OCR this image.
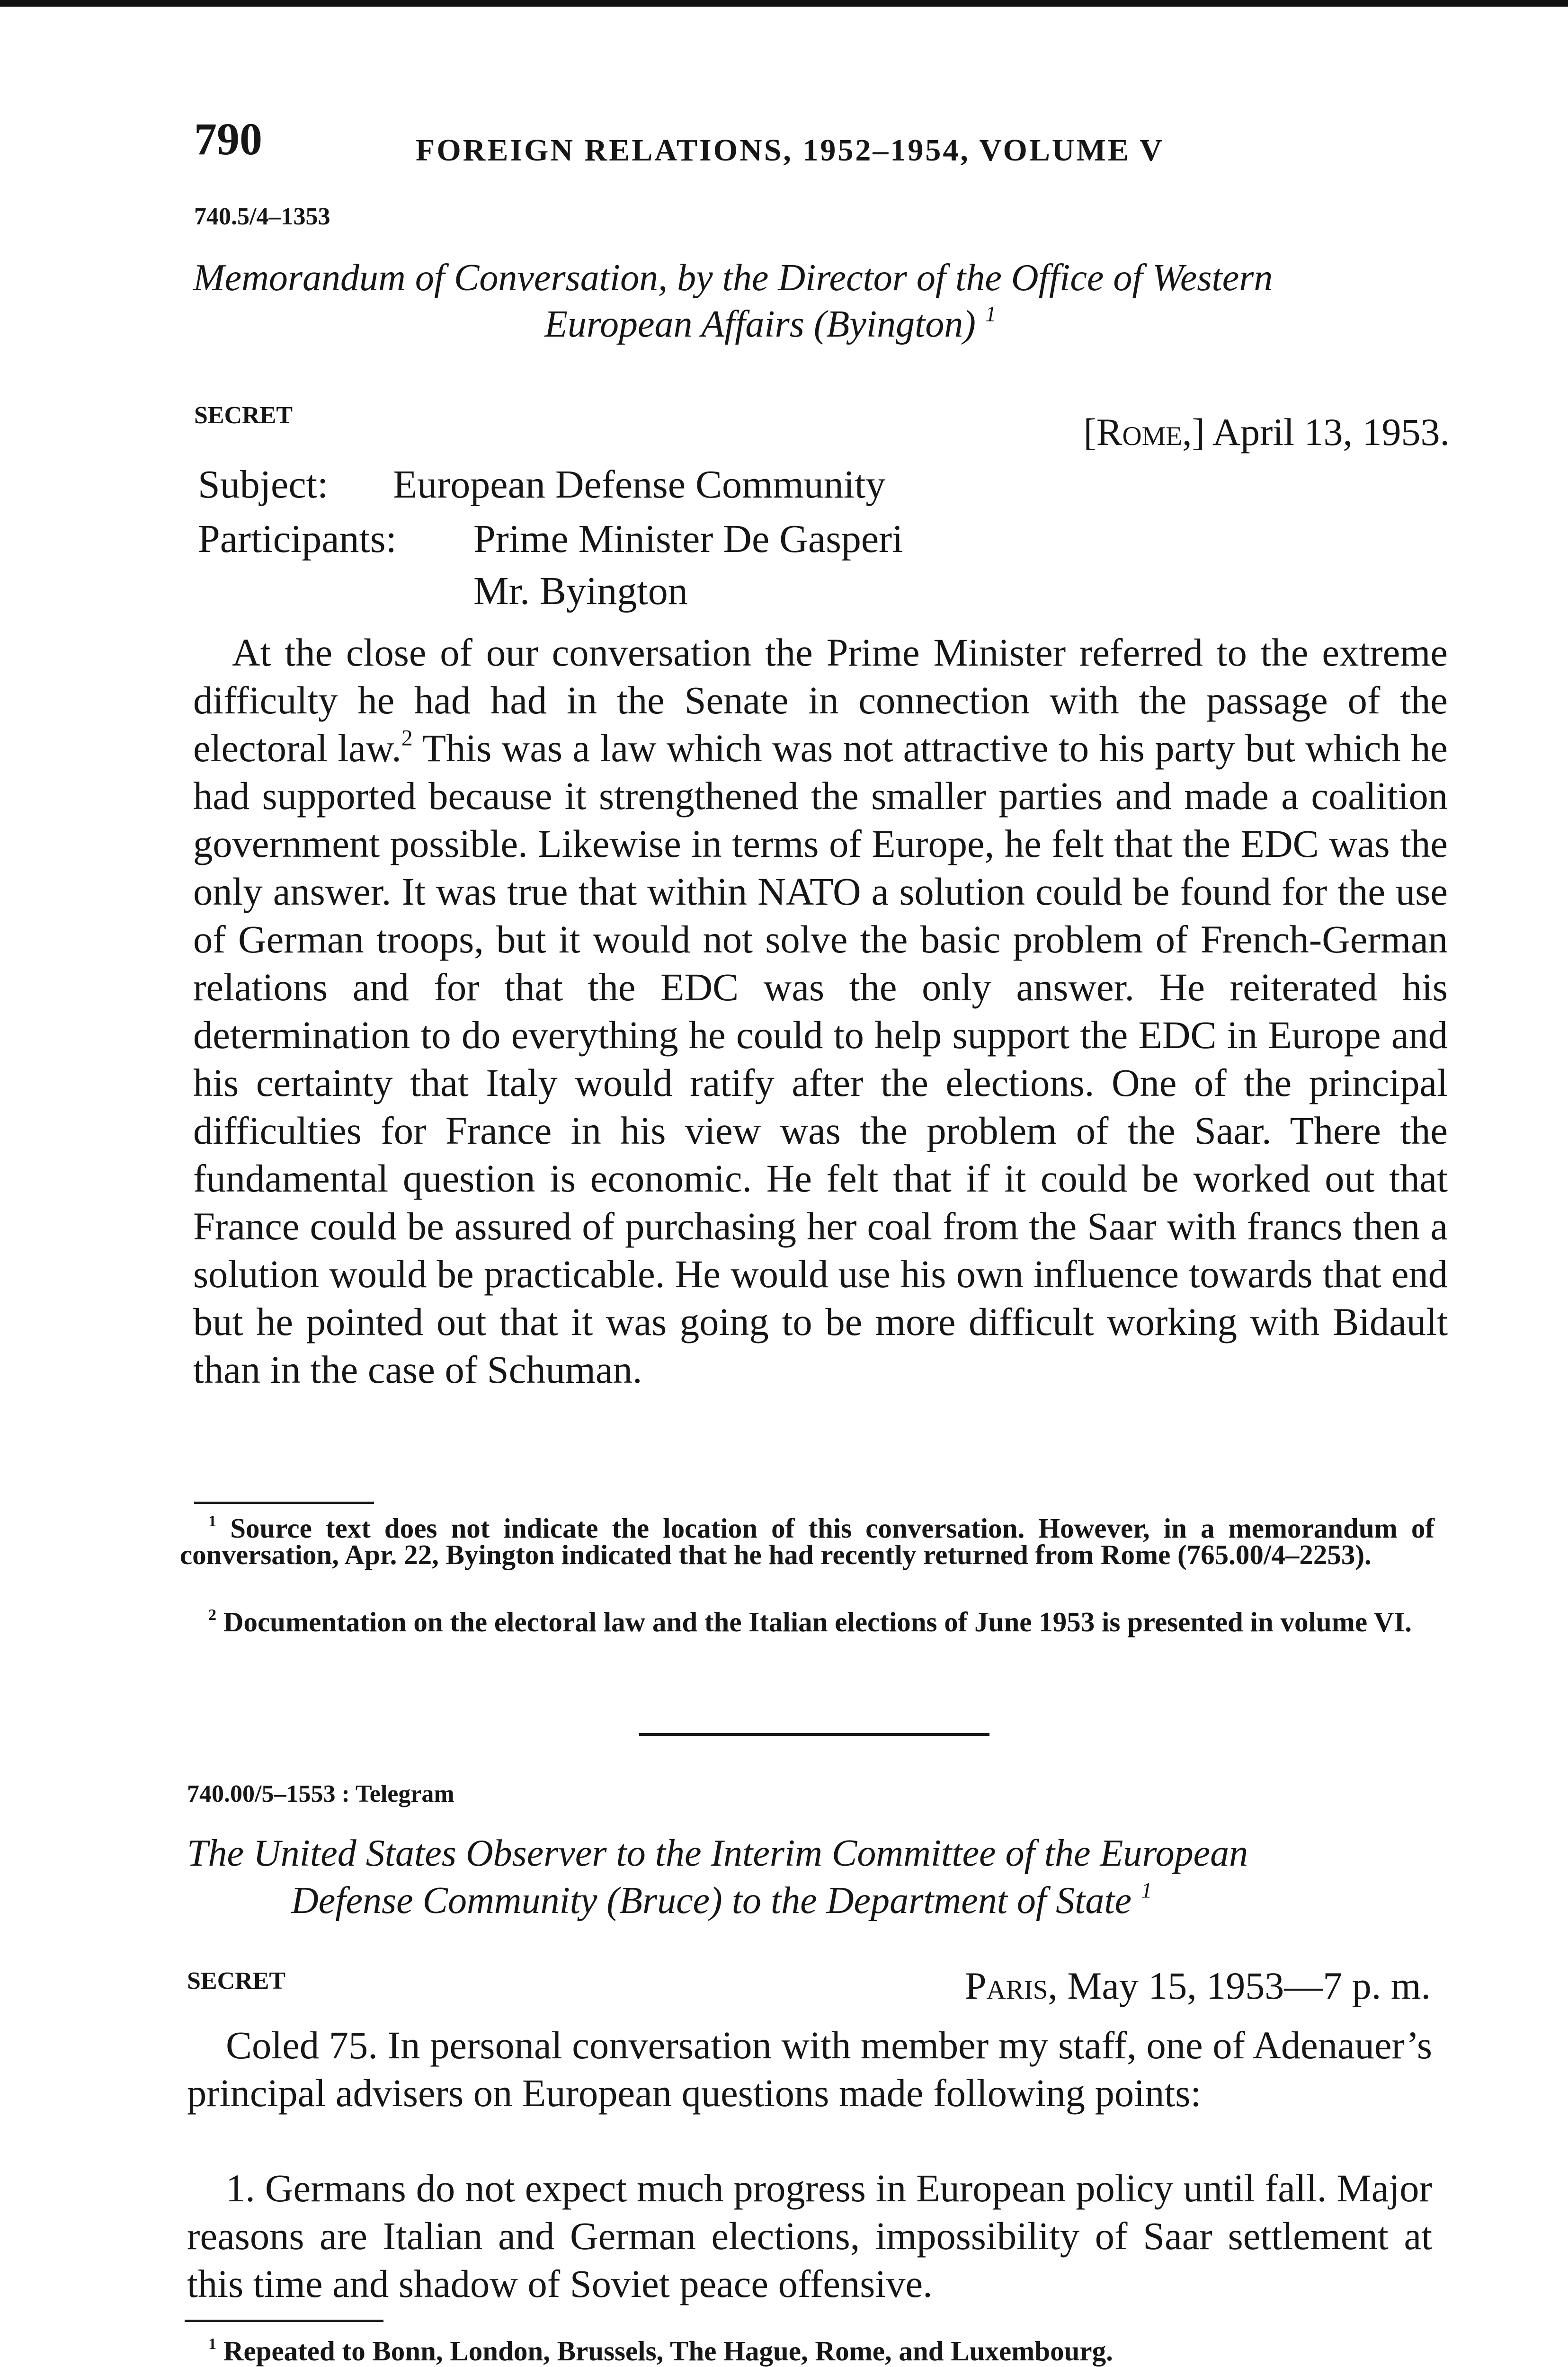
790	FOREIGN RELATIONS, 1952–1954, VOLUME V
740.5/4–1353
Memorandum of Conversation, by the Director of the Office of Western
European Affairs (Byington) $^1$
SECRET	[Rome,] April 13, 1953.
Subject: European Defense Community
Participants: Prime Minister De Gasperi
Mr. Byington

At the close of our conversation the Prime Minister referred to the extreme difficulty he had had in the Senate in connection with the passage of the electoral law.$^2$ This was a law which was not attractive to his party but which he had supported because it strengthened the smaller parties and made a coalition government possible. Likewise in terms of Europe, he felt that the EDC was the only answer. It was true that within NATO a solution could be found for the use of German troops, but it would not solve the basic problem of French-German relations and for that the EDC was the only answer. He reiterated his determination to do everything he could to help support the EDC in Europe and his certainty that Italy would ratify after the elections. One of the principal difficulties for France in his view was the problem of the Saar. There the fundamental question is economic. He felt that if it could be worked out that France could be assured of purchasing her coal from the Saar with francs then a solution would be practicable. He would use his own influence towards that end but he pointed out that it was going to be more difficult working with Bidault than in the case of Schuman.

$^1$ Source text does not indicate the location of this conversation. However, in a memorandum of conversation, Apr. 22, Byington indicated that he had recently returned from Rome (765.00/4–2253).

$^2$ Documentation on the electoral law and the Italian elections of June 1953 is presented in volume VI.

740.00/5–1553 : Telegram
The United States Observer to the Interim Committee of the European
Defense Community (Bruce) to the Department of State $^1$
SECRET	Paris, May 15, 1953—7 p. m.

Coled 75. In personal conversation with member my staff, one of Adenauer’s principal advisers on European questions made following points:

1. Germans do not expect much progress in European policy until fall. Major reasons are Italian and German elections, impossibility of Saar settlement at this time and shadow of Soviet peace offensive.

$^1$ Repeated to Bonn, London, Brussels, The Hague, Rome, and Luxembourg.
